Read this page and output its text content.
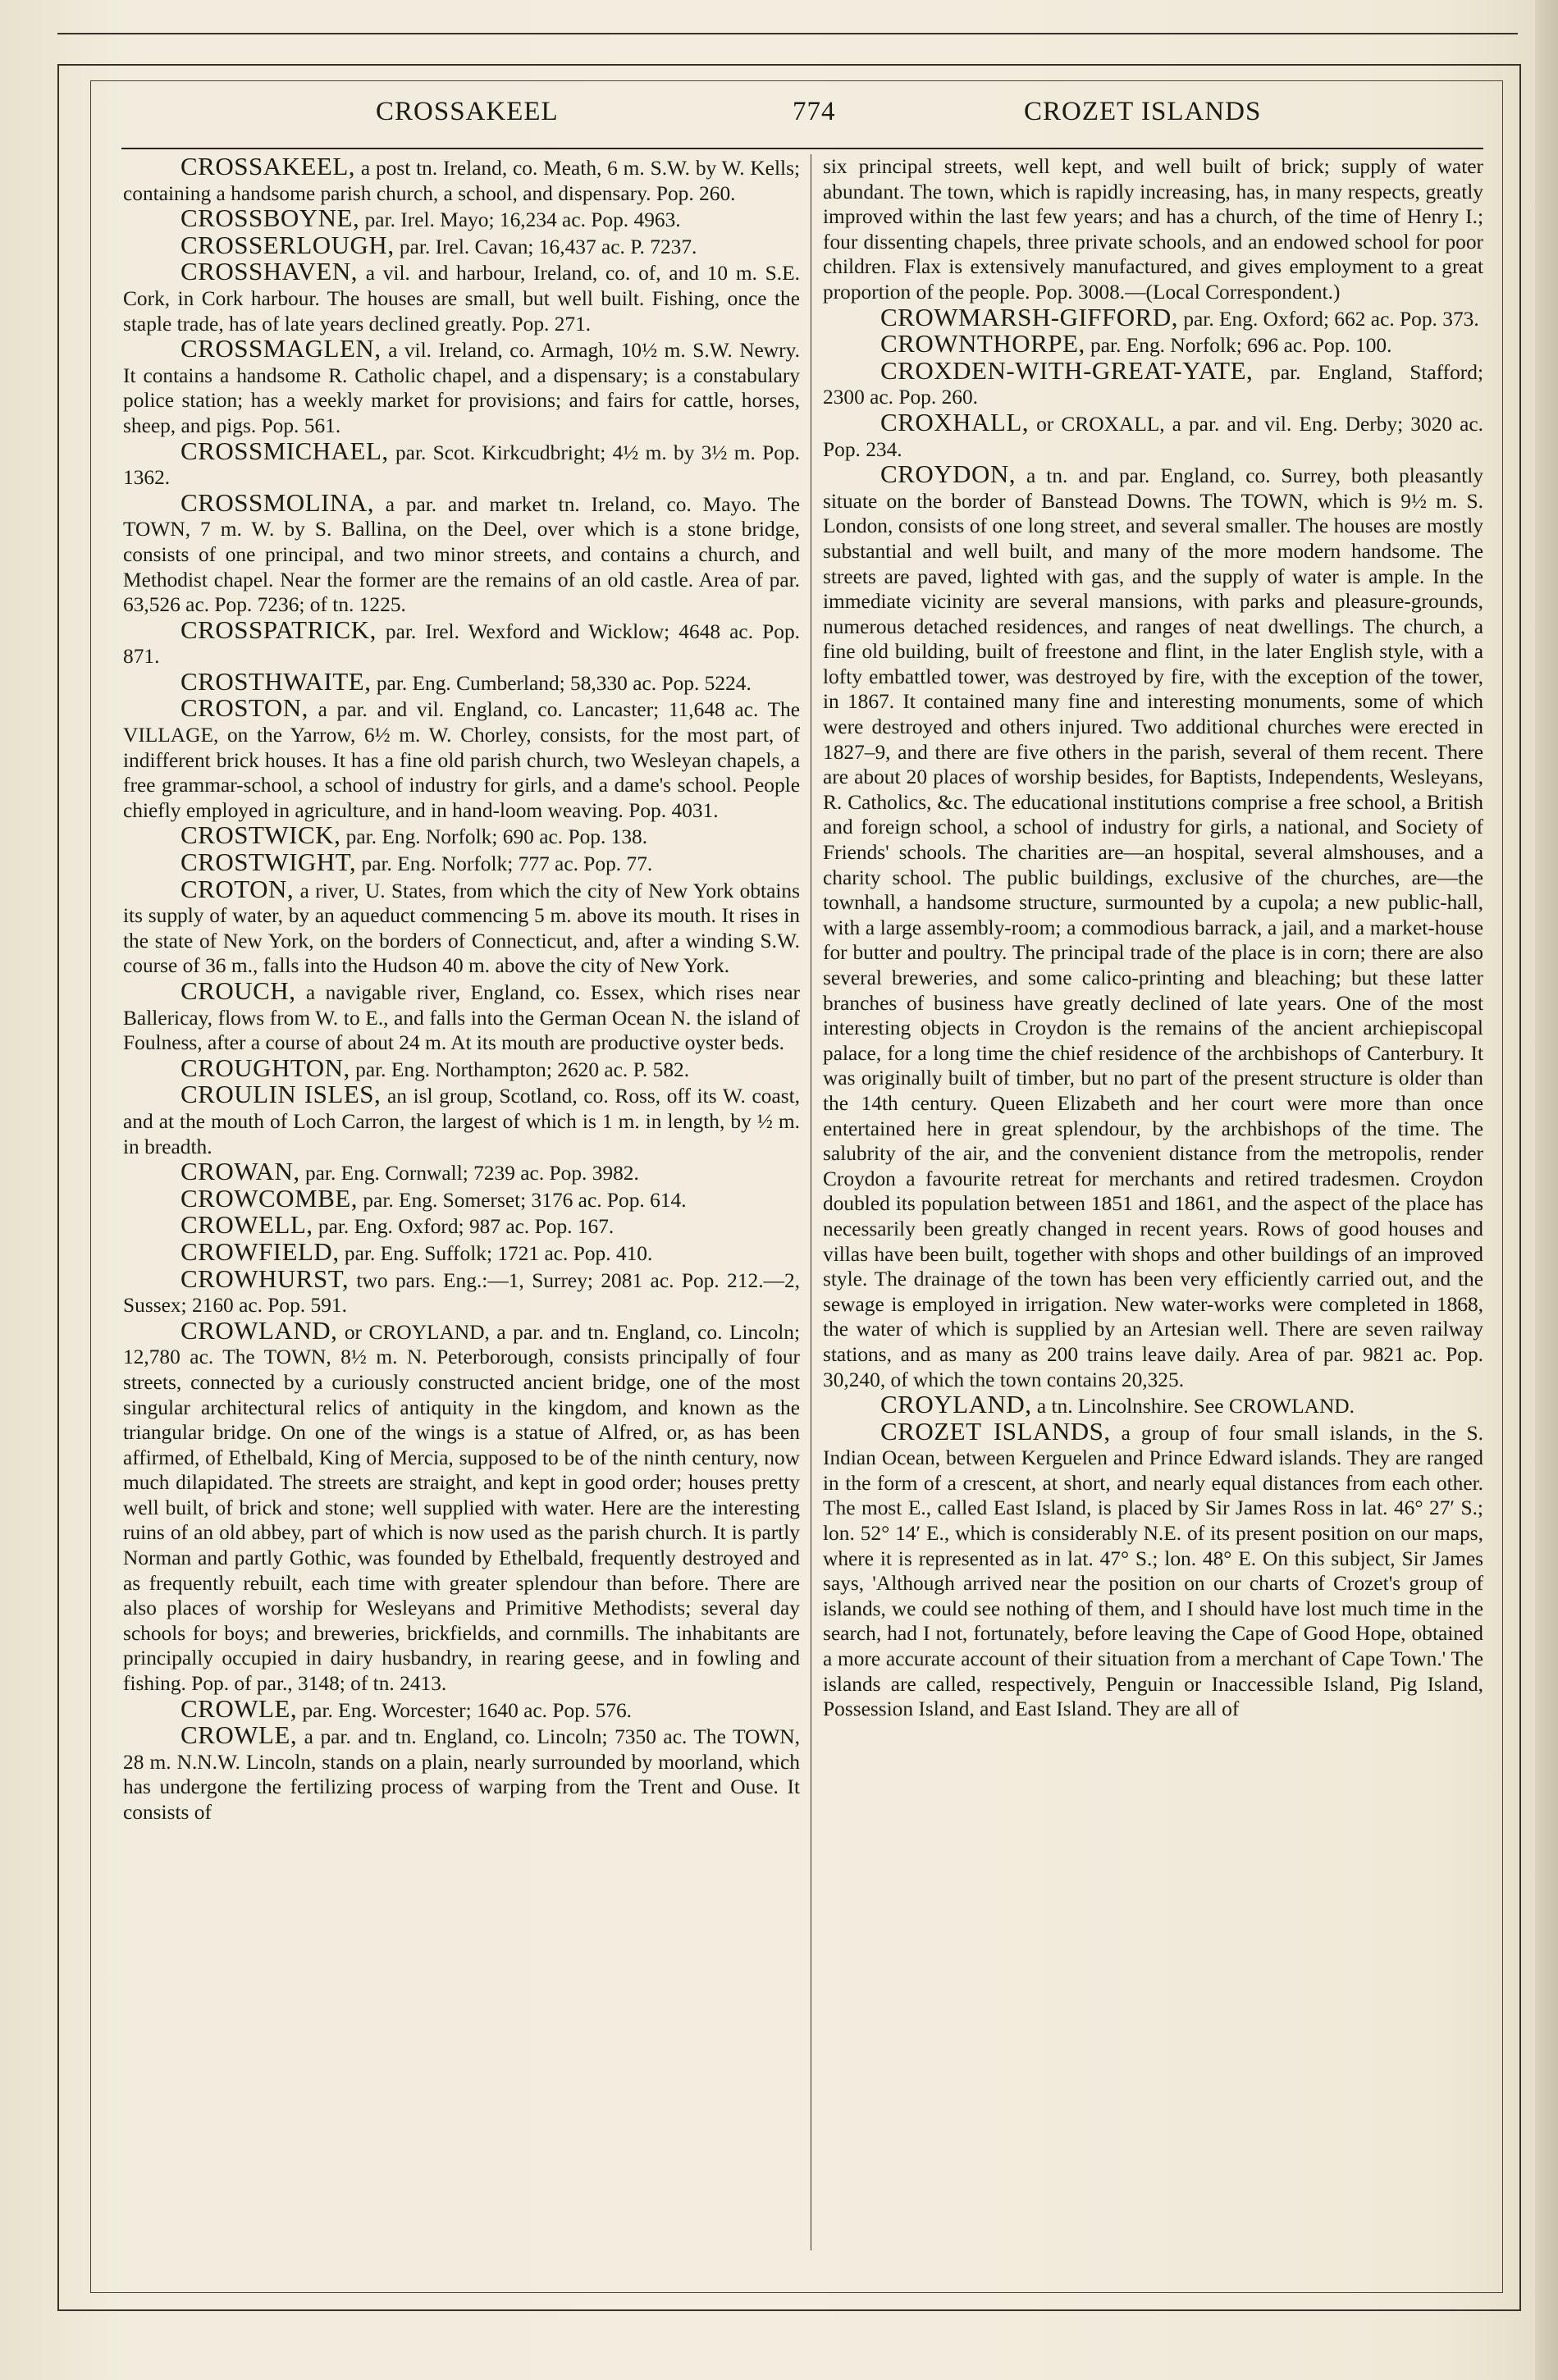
CROSSAKEEL	774	CROZET ISLANDS

CROSSAKEEL, a post tn. Ireland, co. Meath, 6 m. S.W. by W. Kells; containing a handsome parish church, a school, and dispensary. Pop. 260.

CROSSBOYNE, par. Irel. Mayo; 16,234 ac. Pop. 4963.

CROSSERLOUGH, par. Irel. Cavan; 16,437 ac. P. 7237.

CROSSHAVEN, a vil. and harbour, Ireland, co. of, and 10 m. S.E. Cork, in Cork harbour. The houses are small, but well built. Fishing, once the staple trade, has of late years declined greatly. Pop. 271.

CROSSMAGLEN, a vil. Ireland, co. Armagh, 10½ m. S.W. Newry. It contains a handsome R. Catholic chapel, and a dispensary; is a constabulary police station; has a weekly market for provisions; and fairs for cattle, horses, sheep, and pigs. Pop. 561.

CROSSMICHAEL, par. Scot. Kirkcudbright; 4½ m. by 3½ m. Pop. 1362.

CROSSMOLINA, a par. and market tn. Ireland, co. Mayo. The TOWN, 7 m. W. by S. Ballina, on the Deel, over which is a stone bridge, consists of one principal, and two minor streets, and contains a church, and Methodist chapel. Near the former are the remains of an old castle. Area of par. 63,526 ac. Pop. 7236; of tn. 1225.

CROSSPATRICK, par. Irel. Wexford and Wicklow; 4648 ac. Pop. 871.

CROSTHWAITE, par. Eng. Cumberland; 58,330 ac. Pop. 5224.

CROSTON, a par. and vil. England, co. Lancaster; 11,648 ac. The VILLAGE, on the Yarrow, 6½ m. W. Chorley, consists, for the most part, of indifferent brick houses. It has a fine old parish church, two Wesleyan chapels, a free grammar-school, a school of industry for girls, and a dame's school. People chiefly employed in agriculture, and in hand-loom weaving. Pop. 4031.

CROSTWICK, par. Eng. Norfolk; 690 ac. Pop. 138.

CROSTWIGHT, par. Eng. Norfolk; 777 ac. Pop. 77.

CROTON, a river, U. States, from which the city of New York obtains its supply of water, by an aqueduct commencing 5 m. above its mouth. It rises in the state of New York, on the borders of Connecticut, and, after a winding S.W. course of 36 m., falls into the Hudson 40 m. above the city of New York.

CROUCH, a navigable river, England, co. Essex, which rises near Ballericay, flows from W. to E., and falls into the German Ocean N. the island of Foulness, after a course of about 24 m. At its mouth are productive oyster beds.

CROUGHTON, par. Eng. Northampton; 2620 ac. P. 582.

CROULIN ISLES, an isl group, Scotland, co. Ross, off its W. coast, and at the mouth of Loch Carron, the largest of which is 1 m. in length, by ½ m. in breadth.

CROWAN, par. Eng. Cornwall; 7239 ac. Pop. 3982.

CROWCOMBE, par. Eng. Somerset; 3176 ac. Pop. 614.

CROWELL, par. Eng. Oxford; 987 ac. Pop. 167.

CROWFIELD, par. Eng. Suffolk; 1721 ac. Pop. 410.

CROWHURST, two pars. Eng.:—1, Surrey; 2081 ac. Pop. 212.—2, Sussex; 2160 ac. Pop. 591.

CROWLAND, or CROYLAND, a par. and tn. England, co. Lincoln; 12,780 ac. The TOWN, 8½ m. N. Peterborough, consists principally of four streets, connected by a curiously constructed ancient bridge, one of the most singular architectural relics of antiquity in the kingdom, and known as the triangular bridge. On one of the wings is a statue of Alfred, or, as has been affirmed, of Ethelbald, King of Mercia, supposed to be of the ninth century, now much dilapidated. The streets are straight, and kept in good order; houses pretty well built, of brick and stone; well supplied with water. Here are the interesting ruins of an old abbey, part of which is now used as the parish church. It is partly Norman and partly Gothic, was founded by Ethelbald, frequently destroyed and as frequently rebuilt, each time with greater splendour than before. There are also places of worship for Wesleyans and Primitive Methodists; several day schools for boys; and breweries, brickfields, and cornmills. The inhabitants are principally occupied in dairy husbandry, in rearing geese, and in fowling and fishing. Pop. of par., 3148; of tn. 2413.

CROWLE, par. Eng. Worcester; 1640 ac. Pop. 576.

CROWLE, a par. and tn. England, co. Lincoln; 7350 ac. The TOWN, 28 m. N.N.W. Lincoln, stands on a plain, nearly surrounded by moorland, which has undergone the fertilizing process of warping from the Trent and Ouse. It consists of

six principal streets, well kept, and well built of brick; supply of water abundant. The town, which is rapidly increasing, has, in many respects, greatly improved within the last few years; and has a church, of the time of Henry I.; four dissenting chapels, three private schools, and an endowed school for poor children. Flax is extensively manufactured, and gives employment to a great proportion of the people. Pop. 3008.—(Local Correspondent.)

CROWMARSH-GIFFORD, par. Eng. Oxford; 662 ac. Pop. 373.

CROWNTHORPE, par. Eng. Norfolk; 696 ac. Pop. 100.

CROXDEN-WITH-GREAT-YATE, par. England, Stafford; 2300 ac. Pop. 260.

CROXHALL, or CROXALL, a par. and vil. Eng. Derby; 3020 ac. Pop. 234.

CROYDON, a tn. and par. England, co. Surrey, both pleasantly situate on the border of Banstead Downs. The TOWN, which is 9½ m. S. London, consists of one long street, and several smaller. The houses are mostly substantial and well built, and many of the more modern handsome. The streets are paved, lighted with gas, and the supply of water is ample. In the immediate vicinity are several mansions, with parks and pleasure-grounds, numerous detached residences, and ranges of neat dwellings. The church, a fine old building, built of freestone and flint, in the later English style, with a lofty embattled tower, was destroyed by fire, with the exception of the tower, in 1867. It contained many fine and interesting monuments, some of which were destroyed and others injured. Two additional churches were erected in 1827–9, and there are five others in the parish, several of them recent. There are about 20 places of worship besides, for Baptists, Independents, Wesleyans, R. Catholics, &c. The educational institutions comprise a free school, a British and foreign school, a school of industry for girls, a national, and Society of Friends' schools. The charities are—an hospital, several almshouses, and a charity school. The public buildings, exclusive of the churches, are—the townhall, a handsome structure, surmounted by a cupola; a new public-hall, with a large assembly-room; a commodious barrack, a jail, and a market-house for butter and poultry. The principal trade of the place is in corn; there are also several breweries, and some calico-printing and bleaching; but these latter branches of business have greatly declined of late years. One of the most interesting objects in Croydon is the remains of the ancient archiepiscopal palace, for a long time the chief residence of the archbishops of Canterbury. It was originally built of timber, but no part of the present structure is older than the 14th century. Queen Elizabeth and her court were more than once entertained here in great splendour, by the archbishops of the time. The salubrity of the air, and the convenient distance from the metropolis, render Croydon a favourite retreat for merchants and retired tradesmen. Croydon doubled its population between 1851 and 1861, and the aspect of the place has necessarily been greatly changed in recent years. Rows of good houses and villas have been built, together with shops and other buildings of an improved style. The drainage of the town has been very efficiently carried out, and the sewage is employed in irrigation. New water-works were completed in 1868, the water of which is supplied by an Artesian well. There are seven railway stations, and as many as 200 trains leave daily. Area of par. 9821 ac. Pop. 30,240, of which the town contains 20,325.

CROYLAND, a tn. Lincolnshire. See CROWLAND.

CROZET ISLANDS, a group of four small islands, in the S. Indian Ocean, between Kerguelen and Prince Edward islands. They are ranged in the form of a crescent, at short, and nearly equal distances from each other. The most E., called East Island, is placed by Sir James Ross in lat. 46° 27′ S.; lon. 52° 14′ E., which is considerably N.E. of its present position on our maps, where it is represented as in lat. 47° S.; lon. 48° E. On this subject, Sir James says, 'Although arrived near the position on our charts of Crozet's group of islands, we could see nothing of them, and I should have lost much time in the search, had I not, fortunately, before leaving the Cape of Good Hope, obtained a more accurate account of their situation from a merchant of Cape Town.' The islands are called, respectively, Penguin or Inaccessible Island, Pig Island, Possession Island, and East Island. They are all of
